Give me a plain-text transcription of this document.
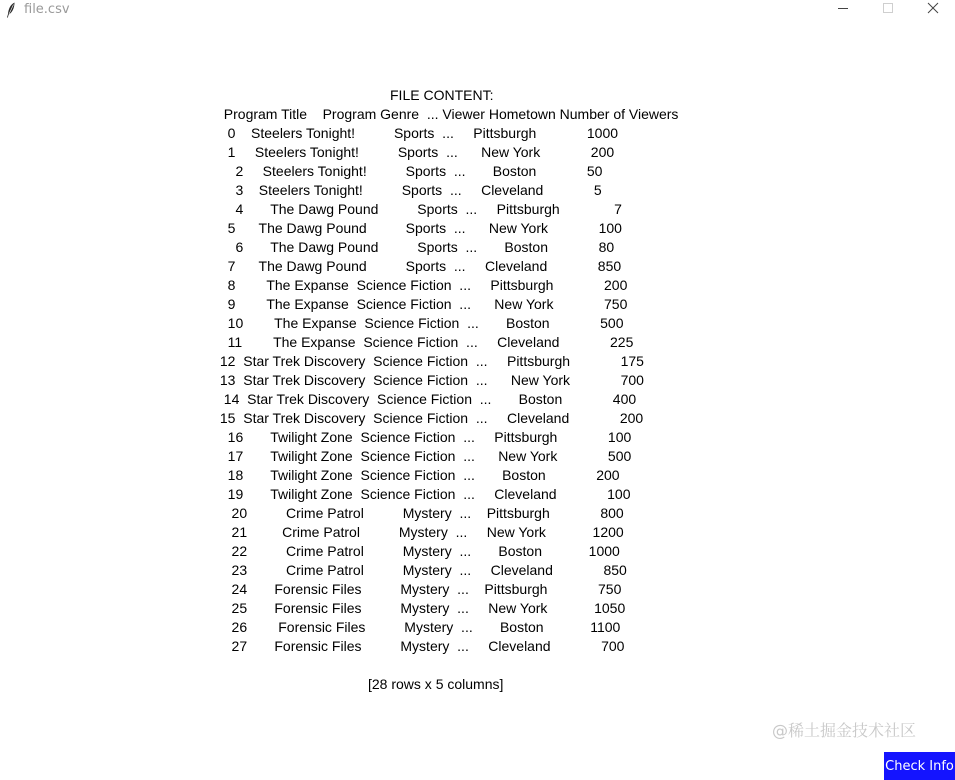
file.csv
FILE CONTENT:
Program Title    Program Genre  ... Viewer Hometown Number of Viewers
0    Steelers Tonight!          Sports  ...     Pittsburgh             1000
1     Steelers Tonight!          Sports  ...      New York             200
2     Steelers Tonight!          Sports  ...       Boston             50
3    Steelers Tonight!          Sports  ...     Cleveland             5
4       The Dawg Pound          Sports  ...     Pittsburgh              7
5      The Dawg Pound          Sports  ...      New York             100
6       The Dawg Pound          Sports  ...       Boston             80
7      The Dawg Pound          Sports  ...     Cleveland             850
8        The Expanse  Science Fiction  ...     Pittsburgh             200
9        The Expanse  Science Fiction  ...      New York             750
10        The Expanse  Science Fiction  ...       Boston             500
11        The Expanse  Science Fiction  ...     Cleveland             225
12  Star Trek Discovery  Science Fiction  ...     Pittsburgh             175
13  Star Trek Discovery  Science Fiction  ...      New York             700
14  Star Trek Discovery  Science Fiction  ...       Boston             400
15  Star Trek Discovery  Science Fiction  ...     Cleveland             200
16       Twilight Zone  Science Fiction  ...     Pittsburgh             100
17       Twilight Zone  Science Fiction  ...      New York             500
18       Twilight Zone  Science Fiction  ...       Boston             200
19       Twilight Zone  Science Fiction  ...     Cleveland             100
20          Crime Patrol          Mystery  ...    Pittsburgh             800
21         Crime Patrol          Mystery  ...     New York            1200
22          Crime Patrol          Mystery  ...       Boston            1000
23          Crime Patrol          Mystery  ...     Cleveland             850
24       Forensic Files          Mystery  ...    Pittsburgh             750
25       Forensic Files          Mystery  ...     New York            1050
26        Forensic Files          Mystery  ...       Boston            1100
27       Forensic Files          Mystery  ...     Cleveland             700
[28 rows x 5 columns]
@稀土掘金技术社区
Check Info
